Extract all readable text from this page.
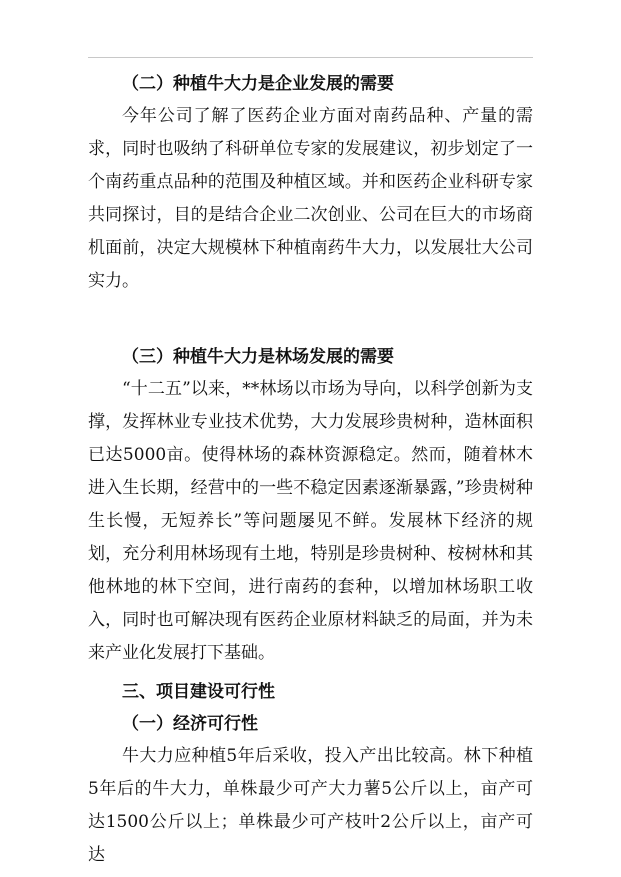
（二）种植牛大力是企业发展的需要

今年公司了解了医药企业方面对南药品种、产量的需求，同时也吸纳了科研单位专家的发展建议，初步划定了一个南药重点品种的范围及种植区域。并和医药企业科研专家共同探讨，目的是结合企业二次创业、公司在巨大的市场商机面前，决定大规模林下种植南药牛大力，以发展壮大公司实力。

（三）种植牛大力是林场发展的需要

“十二五”以来，**林场以市场为导向，以科学创新为支撑，发挥林业专业技术优势，大力发展珍贵树种，造林面积已达5000亩。使得林场的森林资源稳定。然而，随着林木进入生长期，经营中的一些不稳定因素逐渐暴露，”珍贵树种生长慢，无短养长”等问题屡见不鲜。发展林下经济的规划，充分利用林场现有土地，特别是珍贵树种、桉树林和其他林地的林下空间，进行南药的套种，以增加林场职工收入，同时也可解决现有医药企业原材料缺乏的局面，并为未来产业化发展打下基础。

三、项目建设可行性
（一）经济可行性

牛大力应种植5年后采收，投入产出比较高。林下种植5年后的牛大力，单株最少可产大力薯5公斤以上，亩产可达1500公斤以上；单株最少可产枝叶2公斤以上，亩产可达
